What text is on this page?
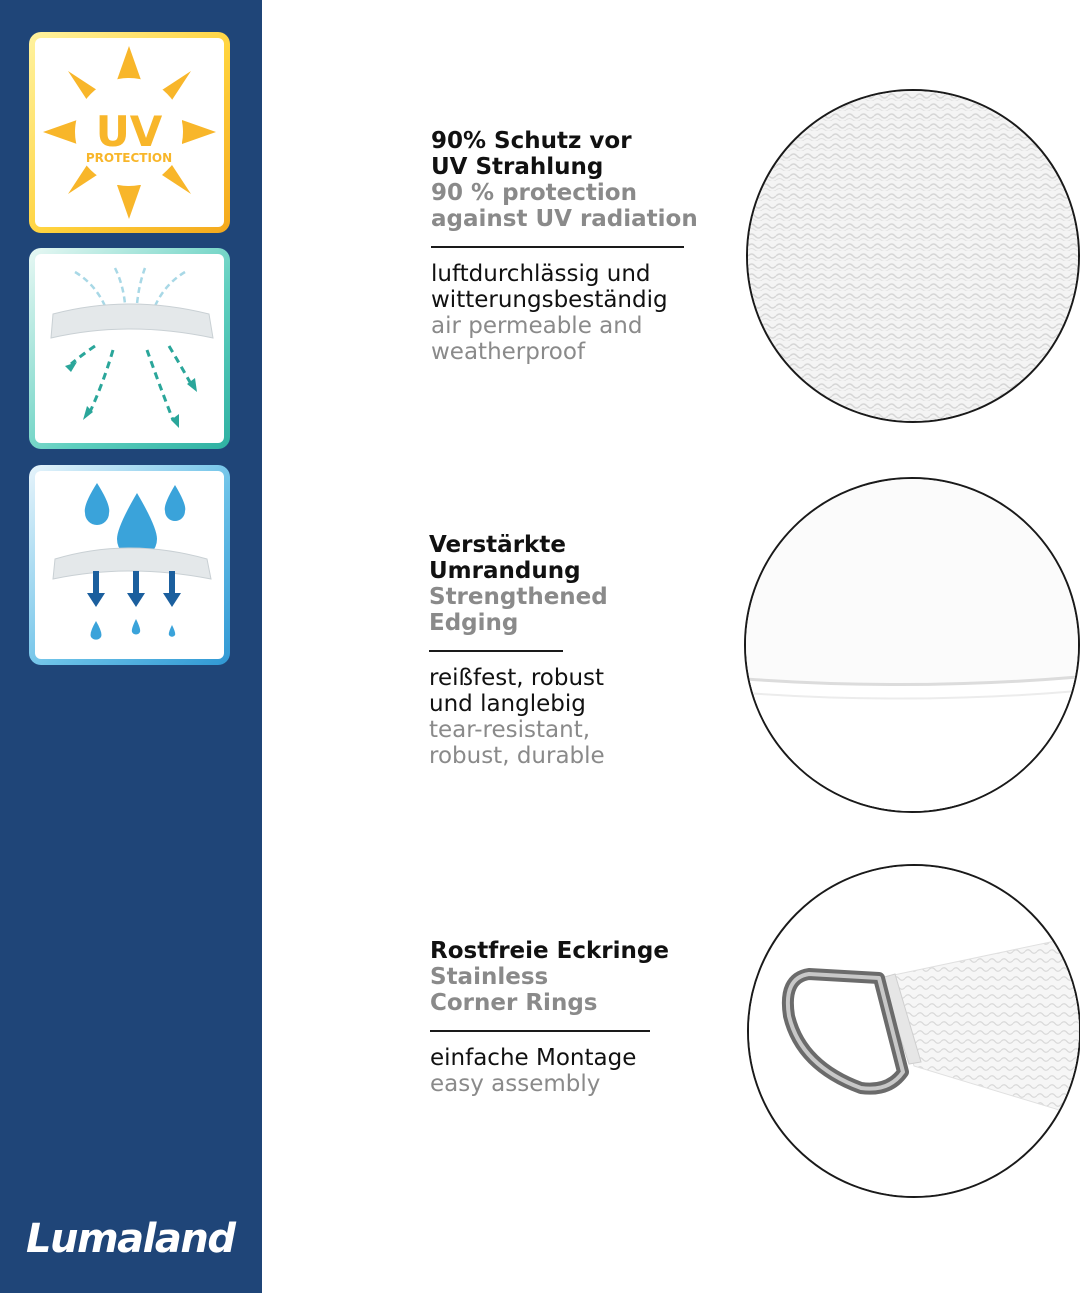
UV
PROTECTION
Lumaland
90% Schutz vor
UV Strahlung
90 % protection
against UV radiation
luftdurchlässig und
witterungsbeständig
air permeable and
weatherproof
Verstärkte
Umrandung
Strengthened
Edging
reißfest, robust
und langlebig
tear-resistant,
robust, durable
Rostfreie Eckringe
Stainless
Corner Rings
einfache Montage
easy assembly
